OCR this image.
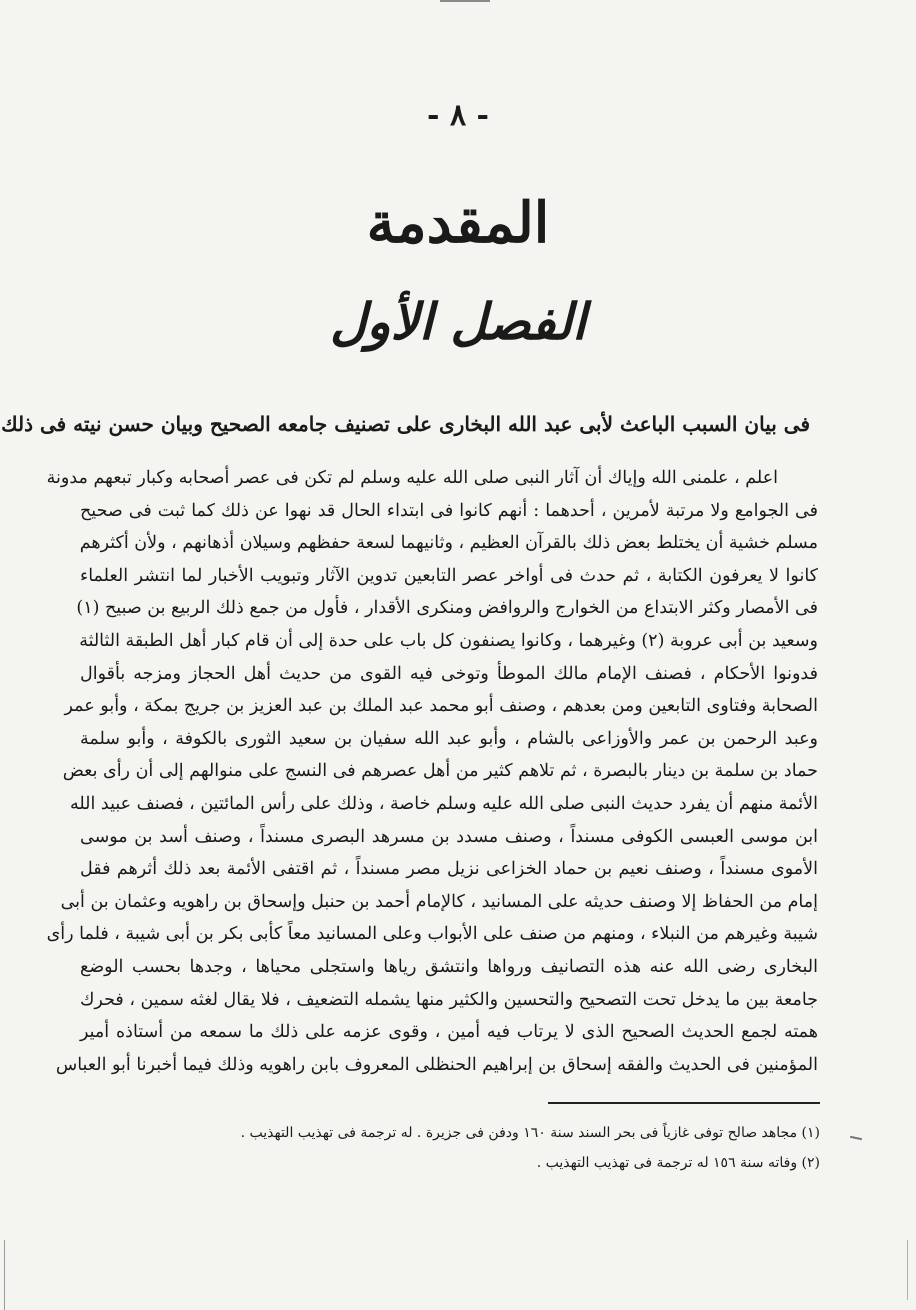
- ٨ -
المقدمة
الفصل الأول
فى بيان السبب الباعث لأبى عبد الله البخارى على تصنيف جامعه الصحيح وبيان حسن نيته فى ذلك
اعلم ، علمنى الله وإياك أن آثار النبى صلى الله عليه وسلم لم تكن فى عصر أصحابه وكبار تبعهم مدونة
فى الجوامع ولا مرتبة لأمرين ، أحدهما : أنهم كانوا فى ابتداء الحال قد نهوا عن ذلك كما ثبت فى صحيح
مسلم خشية أن يختلط بعض ذلك بالقرآن العظيم ، وثانيهما لسعة حفظهم وسيلان أذهانهم ، ولأن أكثرهم
كانوا لا يعرفون الكتابة ، ثم حدث فى أواخر عصر التابعين تدوين الآثار وتبويب الأخبار لما انتشر العلماء
فى الأمصار وكثر الابتداع من الخوارج والروافض ومنكرى الأقدار ، فأول من جمع ذلك الربيع بن صبيح (١)
وسعيد بن أبى عروبة (٢) وغيرهما ، وكانوا يصنفون كل باب على حدة إلى أن قام كبار أهل الطبقة الثالثة
فدونوا الأحكام ، فصنف الإمام مالك الموطأ وتوخى فيه القوى من حديث أهل الحجاز ومزجه بأقوال
الصحابة وفتاوى التابعين ومن بعدهم ، وصنف أبو محمد عبد الملك بن عبد العزيز بن جريج بمكة ، وأبو عمر
وعبد الرحمن بن عمر والأوزاعى بالشام ، وأبو عبد الله سفيان بن سعيد الثورى بالكوفة ، وأبو سلمة
حماد بن سلمة بن دينار بالبصرة ، ثم تلاهم كثير من أهل عصرهم فى النسج على منوالهم إلى أن رأى بعض
الأئمة منهم أن يفرد حديث النبى صلى الله عليه وسلم خاصة ، وذلك على رأس المائتين ، فصنف عبيد الله
ابن موسى العبسى الكوفى مسنداً ، وصنف مسدد بن مسرهد البصرى مسنداً ، وصنف أسد بن موسى
الأموى مسنداً ، وصنف نعيم بن حماد الخزاعى نزيل مصر مسنداً ، ثم اقتفى الأئمة بعد ذلك أثرهم فقل
إمام من الحفاظ إلا وصنف حديثه على المسانيد ، كالإمام أحمد بن حنبل وإسحاق بن راهويه وعثمان بن أبى
شيبة وغيرهم من النبلاء ، ومنهم من صنف على الأبواب وعلى المسانيد معاً كأبى بكر بن أبى شيبة ، فلما رأى
البخارى رضى الله عنه هذه التصانيف ورواها وانتشق رياها واستجلى محياها ، وجدها بحسب الوضع
جامعة بين ما يدخل تحت التصحيح والتحسين والكثير منها يشمله التضعيف ، فلا يقال لغثه سمين ، فحرك
همته لجمع الحديث الصحيح الذى لا يرتاب فيه أمين ، وقوى عزمه على ذلك ما سمعه من أستاذه أمير
المؤمنين فى الحديث والفقه إسحاق بن إبراهيم الحنظلى المعروف بابن راهويه وذلك فيما أخبرنا أبو العباس
(١) مجاهد صالح توفى غازياً فى بحر السند سنة ١٦٠ ودفن فى جزيرة . له ترجمة فى تهذيب التهذيب .
(٢) وفاته سنة ١٥٦ له ترجمة فى تهذيب التهذيب .
